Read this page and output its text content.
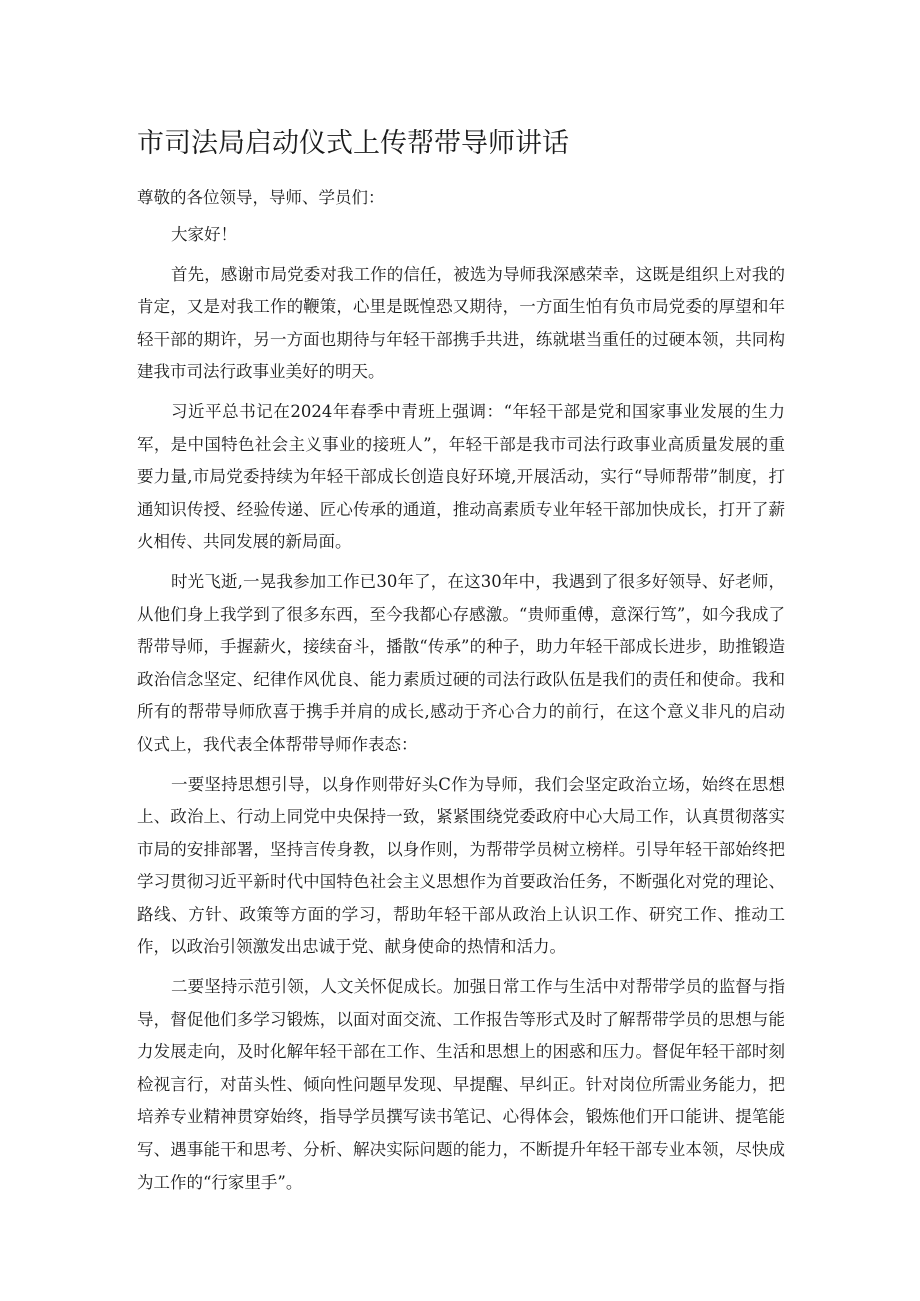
市司法局启动仪式上传帮带导师讲话

尊敬的各位领导，导师、学员们：

大家好！

首先，感谢市局党委对我工作的信任，被选为导师我深感荣幸，这既是组织上对我的肯定，又是对我工作的鞭策，心里是既惶恐又期待，一方面生怕有负市局党委的厚望和年轻干部的期许，另一方面也期待与年轻干部携手共进，练就堪当重任的过硬本领，共同构建我市司法行政事业美好的明天。

习近平总书记在2024年春季中青班上强调：“年轻干部是党和国家事业发展的生力军，是中国特色社会主义事业的接班人”，年轻干部是我市司法行政事业高质量发展的重要力量,市局党委持续为年轻干部成长创造良好环境,开展活动，实行“导师帮带”制度，打通知识传授、经验传递、匠心传承的通道，推动高素质专业年轻干部加快成长，打开了薪火相传、共同发展的新局面。

时光飞逝,一晃我参加工作已30年了，在这30年中，我遇到了很多好领导、好老师，从他们身上我学到了很多东西，至今我都心存感激。“贵师重傅，意深行笃”，如今我成了帮带导师，手握薪火，接续奋斗，播散“传承”的种子，助力年轻干部成长进步，助推锻造政治信念坚定、纪律作风优良、能力素质过硬的司法行政队伍是我们的责任和使命。我和所有的帮带导师欣喜于携手并肩的成长,感动于齐心合力的前行，在这个意义非凡的启动仪式上，我代表全体帮带导师作表态：

一要坚持思想引导，以身作则带好头C作为导师，我们会坚定政治立场，始终在思想上、政治上、行动上同党中央保持一致，紧紧围绕党委政府中心大局工作，认真贯彻落实市局的安排部署，坚持言传身教，以身作则，为帮带学员树立榜样。引导年轻干部始终把学习贯彻习近平新时代中国特色社会主义思想作为首要政治任务，不断强化对党的理论、路线、方针、政策等方面的学习，帮助年轻干部从政治上认识工作、研究工作、推动工作，以政治引领激发出忠诚于党、献身使命的热情和活力。

二要坚持示范引领，人文关怀促成长。加强日常工作与生活中对帮带学员的监督与指导，督促他们多学习锻炼，以面对面交流、工作报告等形式及时了解帮带学员的思想与能力发展走向，及时化解年轻干部在工作、生活和思想上的困惑和压力。督促年轻干部时刻检视言行，对苗头性、倾向性问题早发现、早提醒、早纠正。针对岗位所需业务能力，把培养专业精神贯穿始终，指导学员撰写读书笔记、心得体会，锻炼他们开口能讲、提笔能写、遇事能干和思考、分析、解决实际问题的能力，不断提升年轻干部专业本领，尽快成为工作的“行家里手”。
